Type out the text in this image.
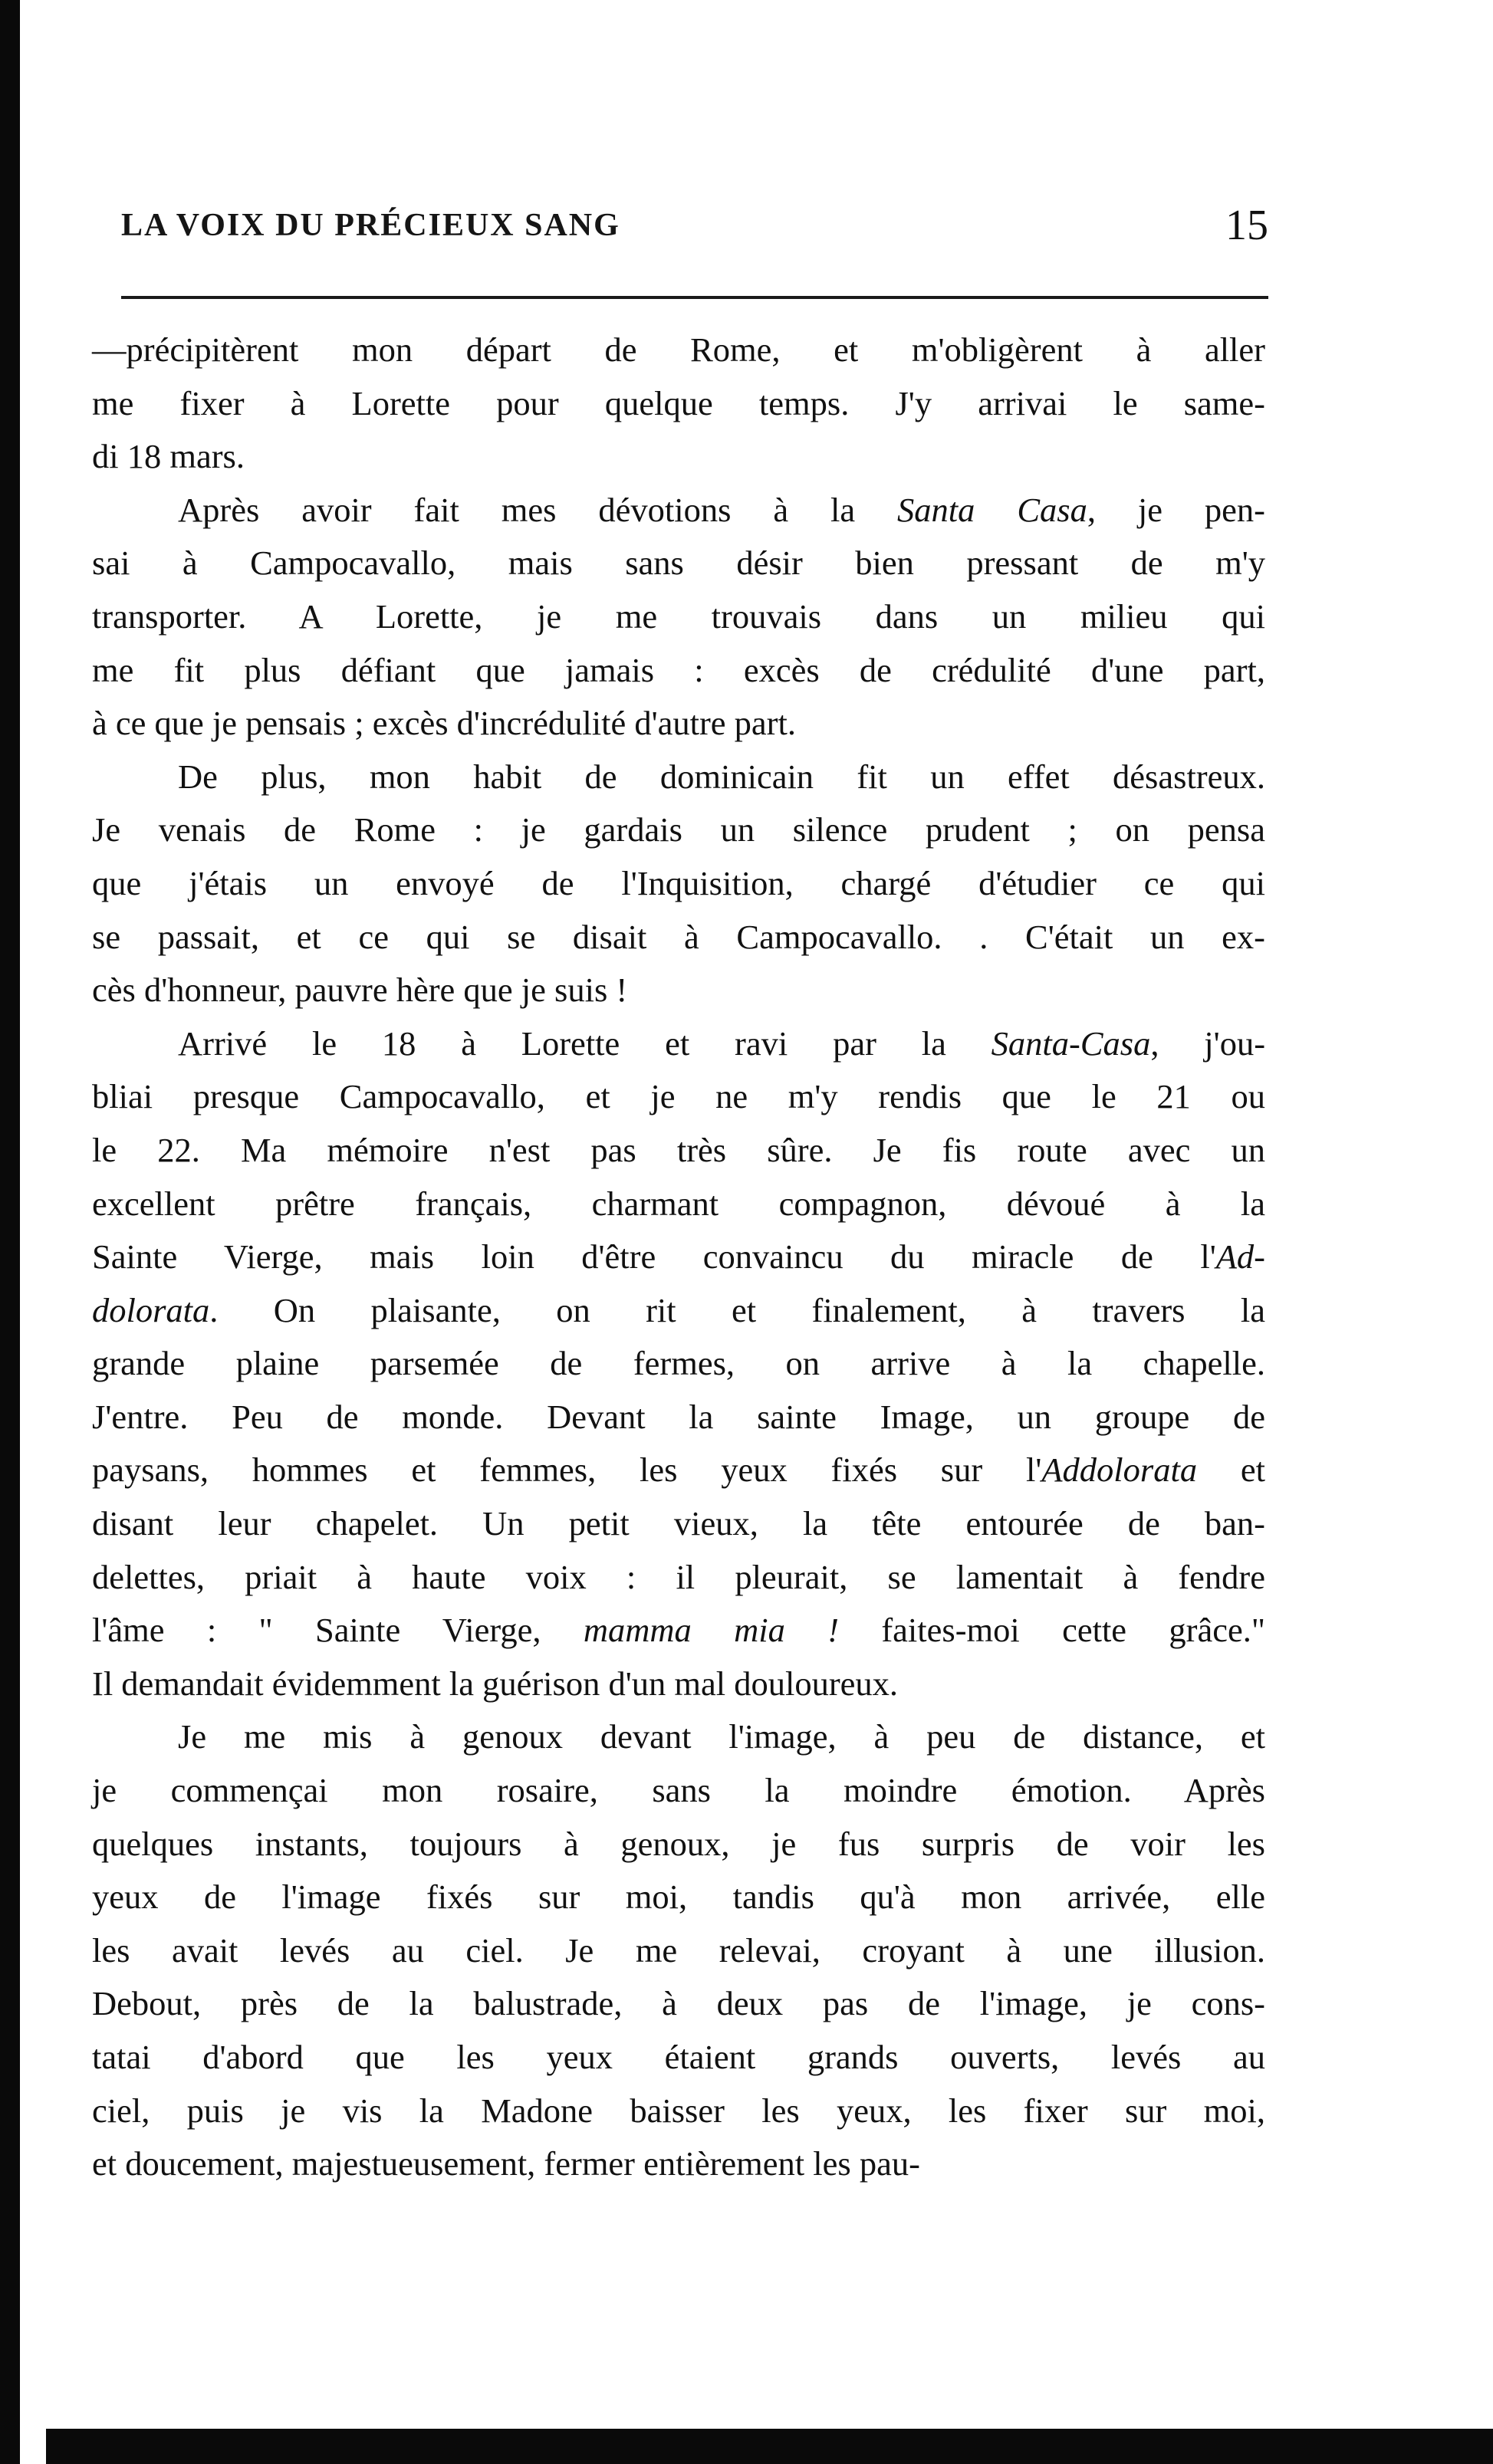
LA VOIX DU PRÉCIEUX SANG	15

—précipitèrent mon départ de Rome, et m'obligèrent à aller
me fixer à Lorette pour quelque temps. J'y arrivai le same-
di 18 mars.

Après avoir fait mes dévotions à la Santa Casa, je pen-
sai à Campocavallo, mais sans désir bien pressant de m'y
transporter. A Lorette, je me trouvais dans un milieu qui
me fit plus défiant que jamais : excès de crédulité d'une part,
à ce que je pensais ; excès d'incrédulité d'autre part.

De plus, mon habit de dominicain fit un effet désastreux.
Je venais de Rome : je gardais un silence prudent ; on pensa
que j'étais un envoyé de l'Inquisition, chargé d'étudier ce qui
se passait, et ce qui se disait à Campocavallo. . C'était un ex-
cès d'honneur, pauvre hère que je suis !

Arrivé le 18 à Lorette et ravi par la Santa-Casa, j'ou-
bliai presque Campocavallo, et je ne m'y rendis que le 21 ou
le 22. Ma mémoire n'est pas très sûre. Je fis route avec un
excellent prêtre français, charmant compagnon, dévoué à la
Sainte Vierge, mais loin d'être convaincu du miracle de l'Ad-
dolorata. On plaisante, on rit et finalement, à travers la
grande plaine parsemée de fermes, on arrive à la chapelle.
J'entre. Peu de monde. Devant la sainte Image, un groupe de
paysans, hommes et femmes, les yeux fixés sur l'Addolorata et
disant leur chapelet. Un petit vieux, la tête entourée de ban-
delettes, priait à haute voix : il pleurait, se lamentait à fendre
l'âme : " Sainte Vierge, mamma mia ! faites-moi cette grâce."
Il demandait évidemment la guérison d'un mal douloureux.

Je me mis à genoux devant l'image, à peu de distance, et
je commençai mon rosaire, sans la moindre émotion. Après
quelques instants, toujours à genoux, je fus surpris de voir les
yeux de l'image fixés sur moi, tandis qu'à mon arrivée, elle
les avait levés au ciel. Je me relevai, croyant à une illusion.
Debout, près de la balustrade, à deux pas de l'image, je cons-
tatai d'abord que les yeux étaient grands ouverts, levés au
ciel, puis je vis la Madone baisser les yeux, les fixer sur moi,
et doucement, majestueusement, fermer entièrement les pau-
